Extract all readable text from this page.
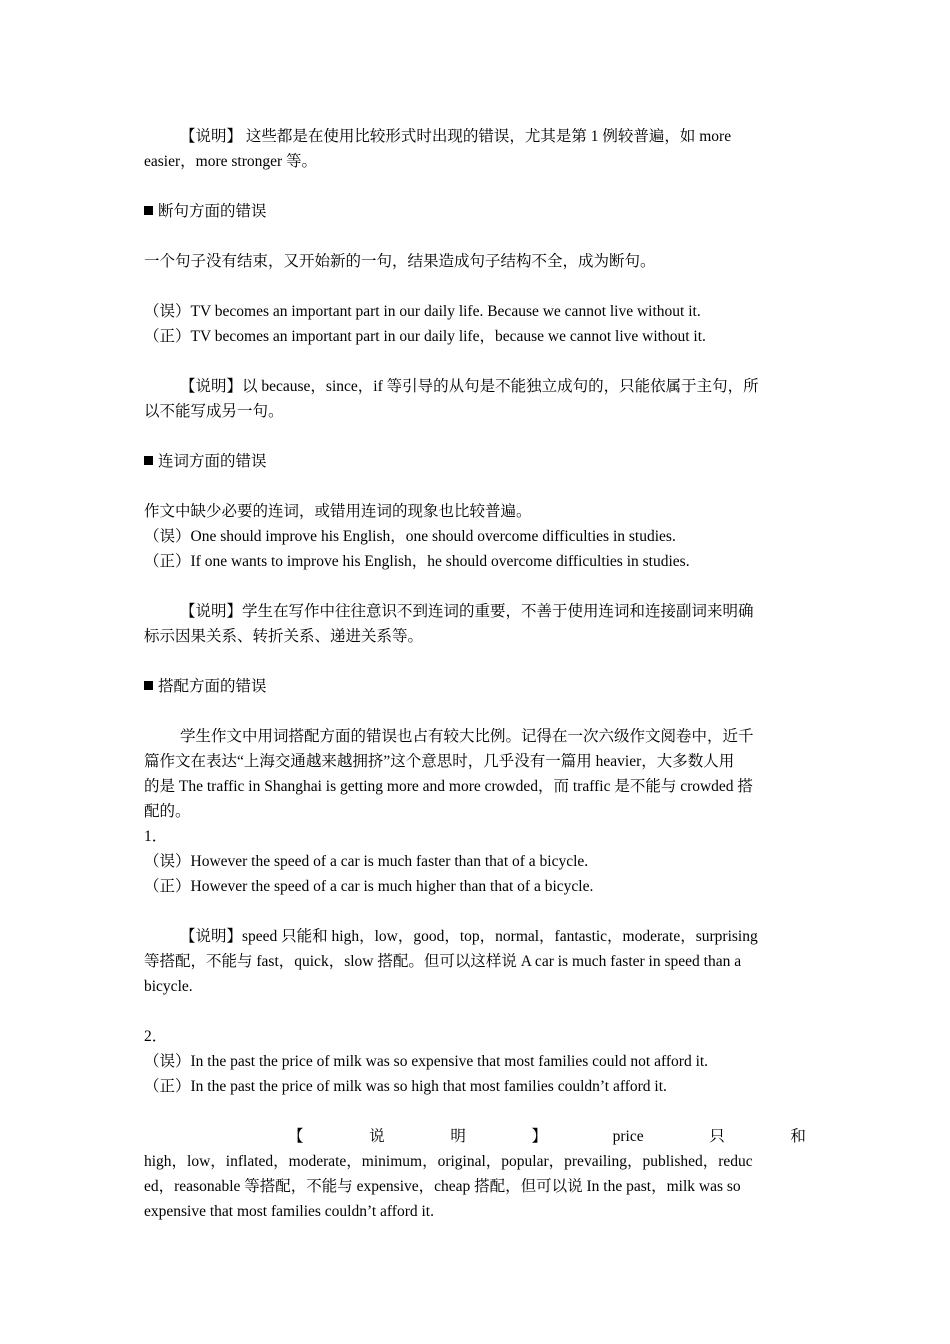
【说明】 这些都是在使用比较形式时出现的错误，尤其是第 1 例较普遍，如 more
easier，more stronger 等。
断句方面的错误
一个句子没有结束，又开始新的一句，结果造成句子结构不全，成为断句。
（误）TV becomes an important part in our daily life. Because we cannot live without it.
（正）TV becomes an important part in our daily life，because we cannot live without it.
【说明】以 because，since，if 等引导的从句是不能独立成句的，只能依属于主句，所
以不能写成另一句。
连词方面的错误
作文中缺少必要的连词，或错用连词的现象也比较普遍。
（误）One should improve his English，one should overcome difficulties in studies.
（正）If one wants to improve his English，he should overcome difficulties in studies.
【说明】学生在写作中往往意识不到连词的重要，不善于使用连词和连接副词来明确
标示因果关系、转折关系、递进关系等。
搭配方面的错误
学生作文中用词搭配方面的错误也占有较大比例。记得在一次六级作文阅卷中，近千
篇作文在表达“上海交通越来越拥挤”这个意思时，几乎没有一篇用 heavier，大多数人用
的是 The traffic in Shanghai is getting more and more crowded，而 traffic 是不能与 crowded 搭
配的。
1．
（误）However the speed of a car is much faster than that of a bicycle.
（正）However the speed of a car is much higher than that of a bicycle.
【说明】speed 只能和 high，low，good，top，normal，fantastic，moderate，surprising
等搭配，不能与 fast，quick，slow 搭配。但可以这样说 A car is much faster in speed than a
bicycle.
2．
（误）In the past the price of milk was so expensive that most families could not afford it.
（正）In the past the price of milk was so high that most families couldn’t afford it.
【	说	明	】	price	只	和
high，low，inflated，moderate，minimum，original，popular，prevailing，published，reduc
ed，reasonable 等搭配，不能与 expensive，cheap 搭配，但可以说 In the past，milk was so
expensive that most families couldn’t afford it.
